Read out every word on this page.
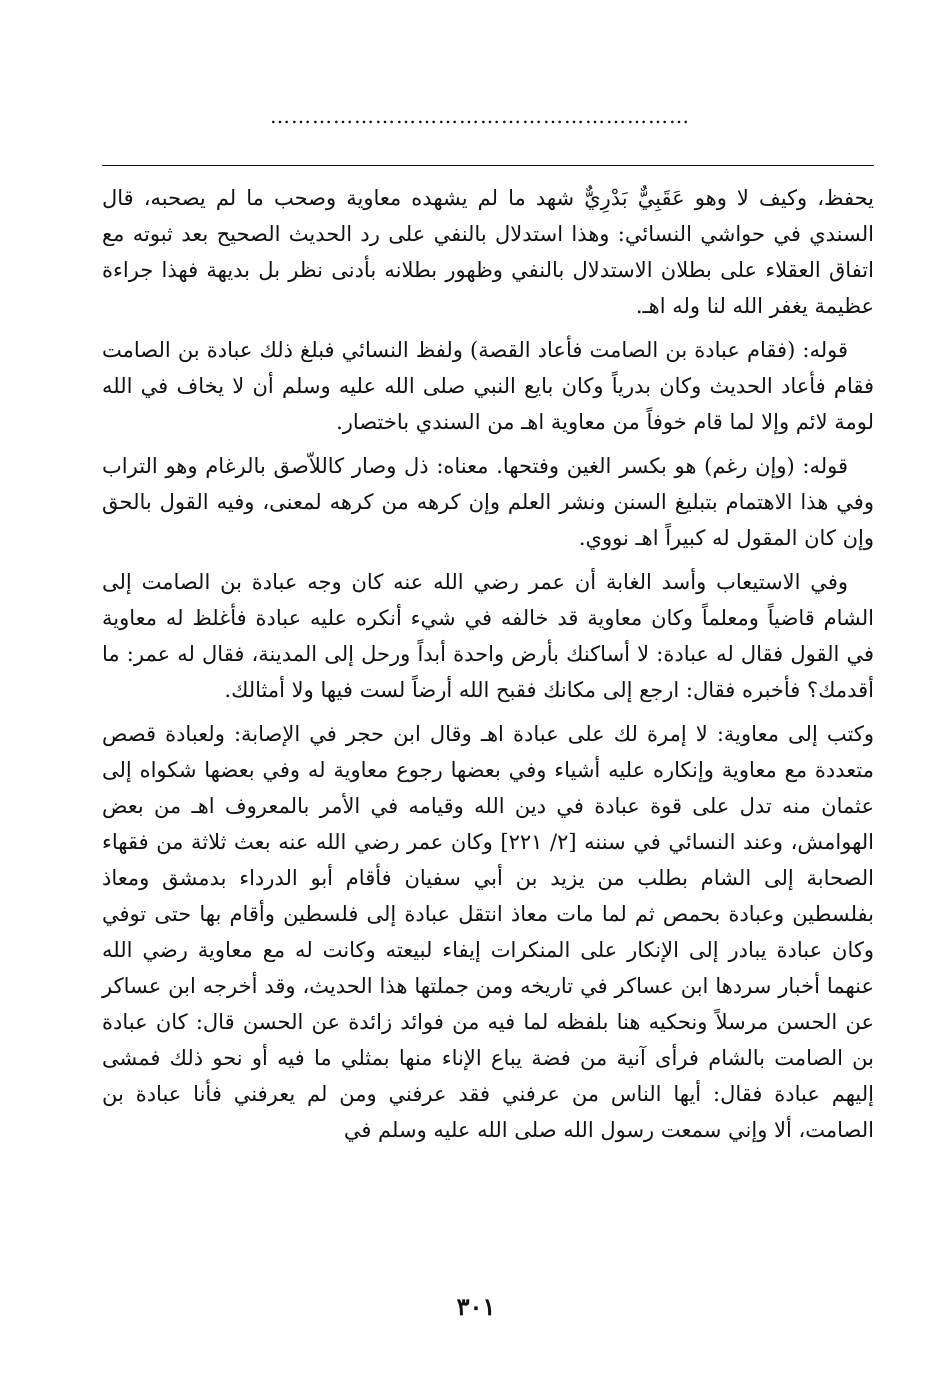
……………………………………………………

يحفظ، وكيف لا وهو عَقَبِيٌّ بَدْرِيٌّ شهد ما لم يشهده معاوية وصحب ما لم يصحبه، قال السندي في حواشي النسائي: وهذا استدلال بالنفي على رد الحديث الصحيح بعد ثبوته مع اتفاق العقلاء على بطلان الاستدلال بالنفي وظهور بطلانه بأدنى نظر بل بديهة فهذا جراءة عظيمة يغفر الله لنا وله اهـ.

قوله: (فقام عبادة بن الصامت فأعاد القصة) ولفظ النسائي فبلغ ذلك عبادة بن الصامت فقام فأعاد الحديث وكان بدرياً وكان بايع النبي صلى الله عليه وسلم أن لا يخاف في الله لومة لائم وإلا لما قام خوفاً من معاوية اهـ من السندي باختصار.

قوله: (وإن رغم) هو بكسر الغين وفتحها. معناه: ذل وصار كاللاّصق بالرغام وهو التراب وفي هذا الاهتمام بتبليغ السنن ونشر العلم وإن كرهه من كرهه لمعنى، وفيه القول بالحق وإن كان المقول له كبيراً اهـ نووي.

وفي الاستيعاب وأسد الغابة أن عمر رضي الله عنه كان وجه عبادة بن الصامت إلى الشام قاضياً ومعلماً وكان معاوية قد خالفه في شيء أنكره عليه عبادة فأغلظ له معاوية في القول فقال له عبادة: لا أساكنك بأرض واحدة أبداً ورحل إلى المدينة، فقال له عمر: ما أقدمك؟ فأخبره فقال: ارجع إلى مكانك فقبح الله أرضاً لست فيها ولا أمثالك.

وكتب إلى معاوية: لا إمرة لك على عبادة اهـ وقال ابن حجر في الإصابة: ولعبادة قصص متعددة مع معاوية وإنكاره عليه أشياء وفي بعضها رجوع معاوية له وفي بعضها شكواه إلى عثمان منه تدل على قوة عبادة في دين الله وقيامه في الأمر بالمعروف اهـ من بعض الهوامش، وعند النسائي في سننه [٢/ ٢٢١] وكان عمر رضي الله عنه بعث ثلاثة من فقهاء الصحابة إلى الشام بطلب من يزيد بن أبي سفيان فأقام أبو الدرداء بدمشق ومعاذ بفلسطين وعبادة بحمص ثم لما مات معاذ انتقل عبادة إلى فلسطين وأقام بها حتى توفي وكان عبادة يبادر إلى الإنكار على المنكرات إيفاء لبيعته وكانت له مع معاوية رضي الله عنهما أخبار سردها ابن عساكر في تاريخه ومن جملتها هذا الحديث، وقد أخرجه ابن عساكر عن الحسن مرسلاً ونحكيه هنا بلفظه لما فيه من فوائد زائدة عن الحسن قال: كان عبادة بن الصامت بالشام فرأى آنية من فضة يباع الإناء منها بمثلي ما فيه أو نحو ذلك فمشى إليهم عبادة فقال: أيها الناس من عرفني فقد عرفني ومن لم يعرفني فأنا عبادة بن الصامت، ألا وإني سمعت رسول الله صلى الله عليه وسلم في

٣٠١
